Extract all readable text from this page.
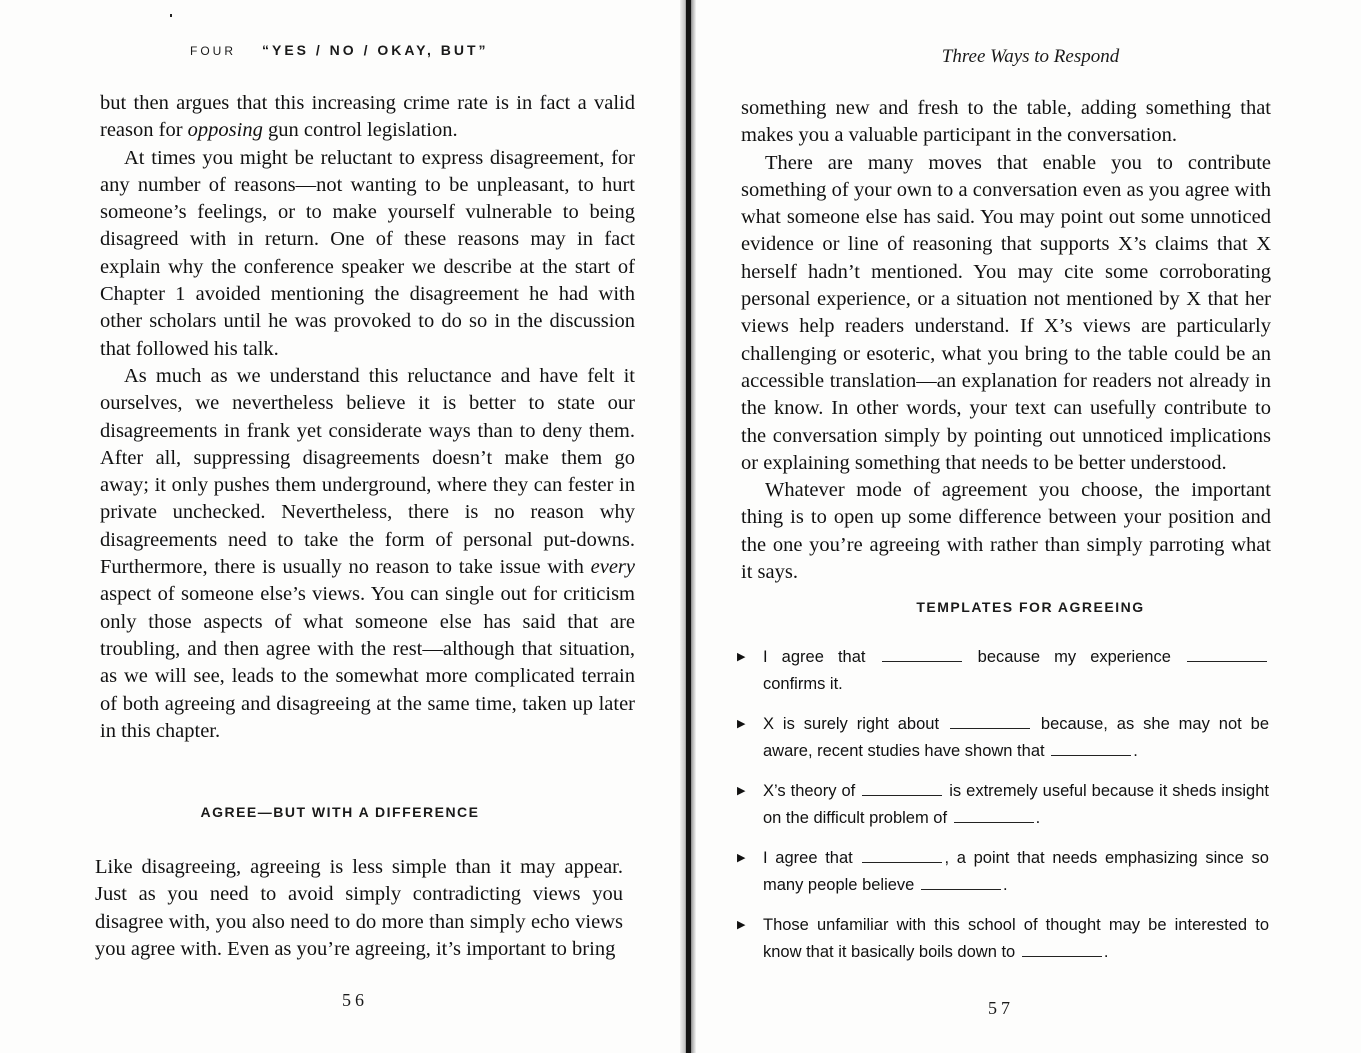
FOUR “YES / NO / OKAY, BUT”

but then argues that this increasing crime rate is in fact a valid reason for opposing gun control legislation.

At times you might be reluctant to express disagreement, for any number of reasons—not wanting to be unpleasant, to hurt someone’s feelings, or to make yourself vulnerable to being disagreed with in return. One of these reasons may in fact explain why the conference speaker we describe at the start of Chapter 1 avoided mentioning the disagreement he had with other scholars until he was provoked to do so in the discussion that followed his talk.

As much as we understand this reluctance and have felt it ourselves, we nevertheless believe it is better to state our disagreements in frank yet considerate ways than to deny them. After all, suppressing disagreements doesn’t make them go away; it only pushes them underground, where they can fester in private unchecked. Nevertheless, there is no reason why disagreements need to take the form of personal put-downs. Furthermore, there is usually no reason to take issue with every aspect of someone else’s views. You can single out for criticism only those aspects of what someone else has said that are troubling, and then agree with the rest—although that situation, as we will see, leads to the somewhat more complicated terrain of both agreeing and disagreeing at the same time, taken up later in this chapter.

AGREE—BUT WITH A DIFFERENCE

Like disagreeing, agreeing is less simple than it may appear. Just as you need to avoid simply contradicting views you disagree with, you also need to do more than simply echo views you agree with. Even as you’re agreeing, it’s important to bring

56
Three Ways to Respond

something new and fresh to the table, adding something that makes you a valuable participant in the conversation.

There are many moves that enable you to contribute something of your own to a conversation even as you agree with what someone else has said. You may point out some unnoticed evidence or line of reasoning that supports X’s claims that X herself hadn’t mentioned. You may cite some corroborating personal experience, or a situation not mentioned by X that her views help readers understand. If X’s views are particularly challenging or esoteric, what you bring to the table could be an accessible translation—an explanation for readers not already in the know. In other words, your text can usefully contribute to the conversation simply by pointing out unnoticed implications or explaining something that needs to be better understood.

Whatever mode of agreement you choose, the important thing is to open up some difference between your position and the one you’re agreeing with rather than simply parroting what it says.

TEMPLATES FOR AGREEING
▶ I agree that	because my experience  confirms it.
▶ X is surely right about	because, as she may not be aware, recent studies have shown that	.
▶ X’s theory of	is extremely useful because it sheds insight on the difficult problem of	.
▶ I agree that	, a point that needs emphasizing since so many people believe	.
▶ Those unfamiliar with this school of thought may be interested to know that it basically boils down to	.
57
